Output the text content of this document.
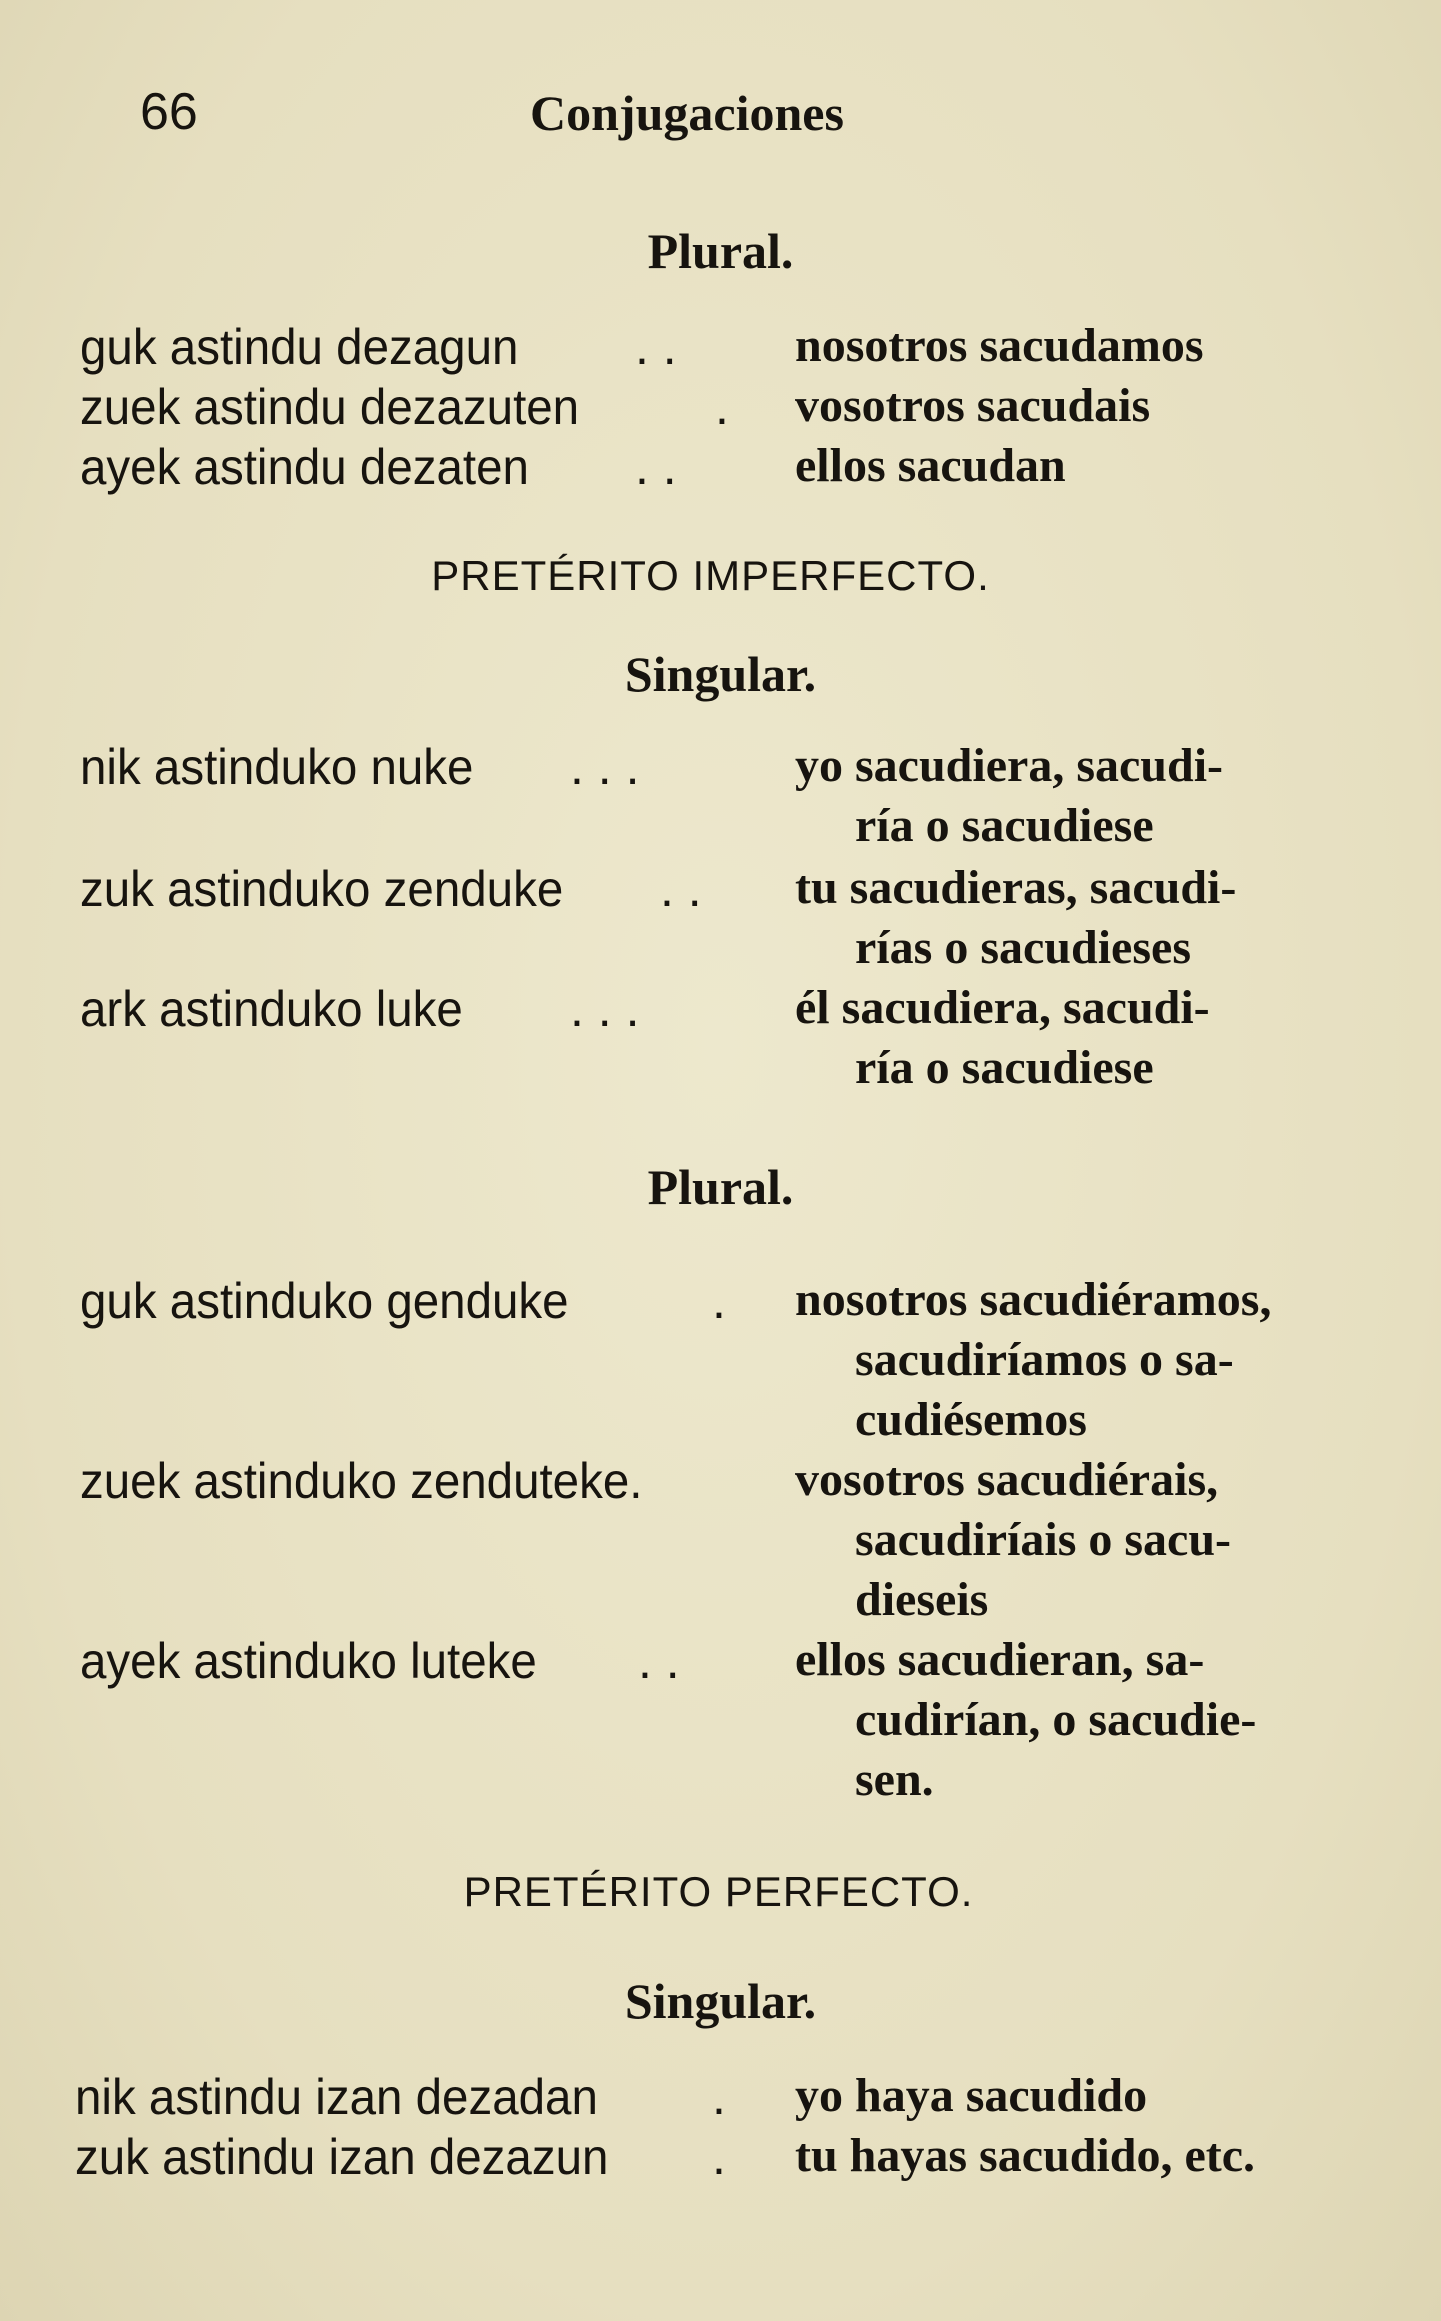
66	Conjugaciones
Plural.
guk astindu dezagun . . nosotros sacudamos
zuek astindu dezazuten	. vosotros sacudais
ayek astindu dezaten . . ellos sacudan
PRETÉRITO IMPERFECTO.
Singular.
nik astinduko nuke . . .	yo sacudiera, sacudi-
ría o sacudiese
zuk astinduko zenduke . . tu sacudieras, sacudi-
rías o sacudieses
ark astinduko luke . . .	él sacudiera, sacudi-
ría o sacudiese
Plural.
guk astinduko genduke	. nosotros sacudiéramos,
sacudiríamos o sa-
cudiésemos
zuek astinduko zenduteke.	vosotros sacudiérais,
sacudiríais o sacu-
dieseis
ayek astinduko luteke . . ellos sacudieran, sa-
cudirían, o sacudie-
sen.
PRETÉRITO PERFECTO.
Singular.
nik astindu izan dezadan . yo haya sacudido
zuk astindu izan dezazun . tu hayas sacudido, etc.
